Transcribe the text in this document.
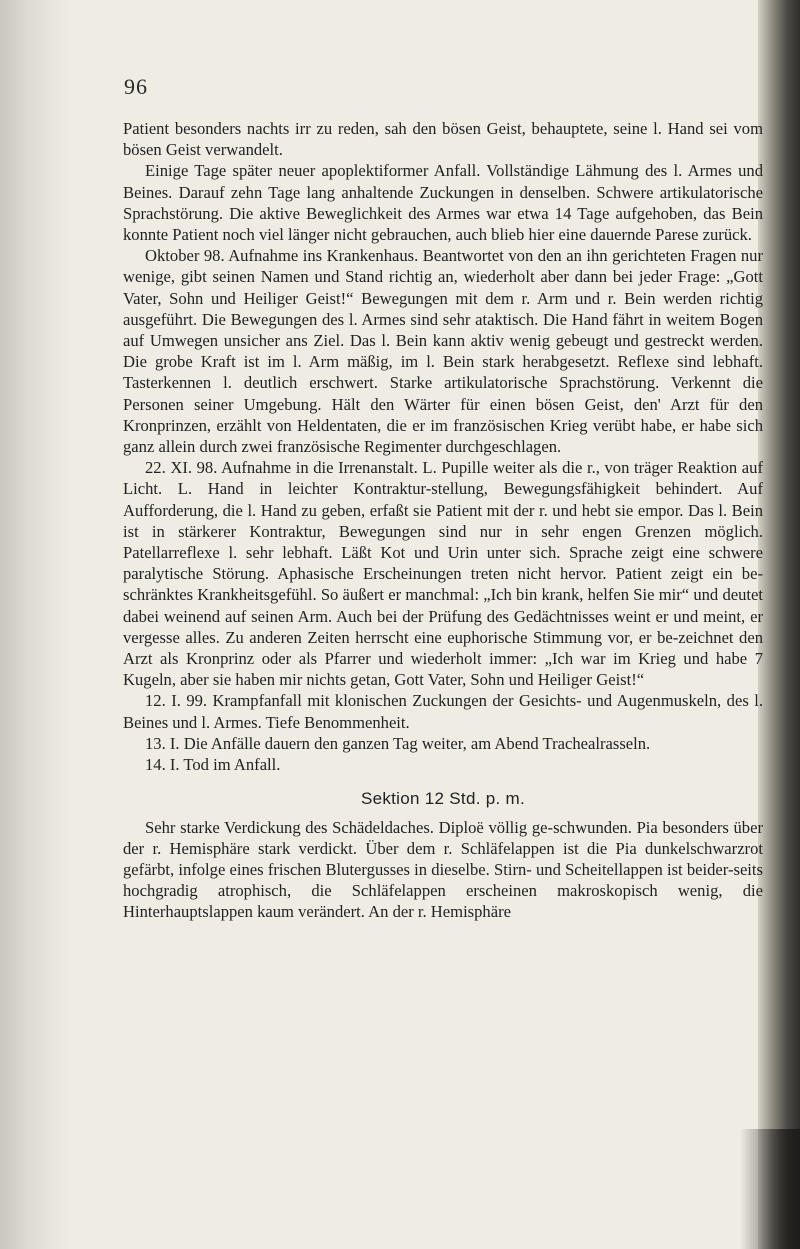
96

Patient besonders nachts irr zu reden, sah den bösen Geist, behauptete, seine l. Hand sei vom bösen Geist verwandelt.

Einige Tage später neuer apoplektiformer Anfall. Vollständige Lähmung des l. Armes und Beines. Darauf zehn Tage lang anhaltende Zuckungen in denselben. Schwere artikulatorische Sprachstörung. Die aktive Beweglichkeit des Armes war etwa 14 Tage aufgehoben, das Bein konnte Patient noch viel länger nicht gebrauchen, auch blieb hier eine dauernde Parese zurück.

Oktober 98. Aufnahme ins Krankenhaus. Beantwortet von den an ihn gerichteten Fragen nur wenige, gibt seinen Namen und Stand richtig an, wiederholt aber dann bei jeder Frage: „Gott Vater, Sohn und Heiliger Geist!“ Bewegungen mit dem r. Arm und r. Bein werden richtig ausgeführt. Die Bewegungen des l. Armes sind sehr ataktisch. Die Hand fährt in weitem Bogen auf Umwegen unsicher ans Ziel. Das l. Bein kann aktiv wenig gebeugt und gestreckt werden. Die grobe Kraft ist im l. Arm mäßig, im l. Bein stark herabgesetzt. Reflexe sind lebhaft. Tasterkennen l. deutlich erschwert. Starke artikulatorische Sprachstörung. Verkennt die Personen seiner Umgebung. Hält den Wärter für einen bösen Geist, den' Arzt für den Kronprinzen, erzählt von Heldentaten, die er im französischen Krieg verübt habe, er habe sich ganz allein durch zwei französische Regimenter durchgeschlagen.

22. XI. 98. Aufnahme in die Irrenanstalt. L. Pupille weiter als die r., von träger Reaktion auf Licht. L. Hand in leichter Kontraktur-stellung, Bewegungsfähigkeit behindert. Auf Aufforderung, die l. Hand zu geben, erfaßt sie Patient mit der r. und hebt sie empor. Das l. Bein ist in stärkerer Kontraktur, Bewegungen sind nur in sehr engen Grenzen möglich. Patellarreflexe l. sehr lebhaft. Läßt Kot und Urin unter sich. Sprache zeigt eine schwere paralytische Störung. Aphasische Erscheinungen treten nicht hervor. Patient zeigt ein be-schränktes Krankheitsgefühl. So äußert er manchmal: „Ich bin krank, helfen Sie mir“ und deutet dabei weinend auf seinen Arm. Auch bei der Prüfung des Gedächtnisses weint er und meint, er vergesse alles. Zu anderen Zeiten herrscht eine euphorische Stimmung vor, er be-zeichnet den Arzt als Kronprinz oder als Pfarrer und wiederholt immer: „Ich war im Krieg und habe 7 Kugeln, aber sie haben mir nichts getan, Gott Vater, Sohn und Heiliger Geist!“

12. I. 99. Krampfanfall mit klonischen Zuckungen der Gesichts- und Augenmuskeln, des l. Beines und l. Armes. Tiefe Benommenheit.

13. I. Die Anfälle dauern den ganzen Tag weiter, am Abend Trachealrasseln.

14. I. Tod im Anfall.

Sektion 12 Std. p. m.

Sehr starke Verdickung des Schädeldaches. Diploë völlig ge-schwunden. Pia besonders über der r. Hemisphäre stark verdickt. Über dem r. Schläfelappen ist die Pia dunkelschwarzrot gefärbt, infolge eines frischen Blutergusses in dieselbe. Stirn- und Scheitellappen ist beider-seits hochgradig atrophisch, die Schläfelappen erscheinen makroskopisch wenig, die Hinterhauptslappen kaum verändert. An der r. Hemisphäre
